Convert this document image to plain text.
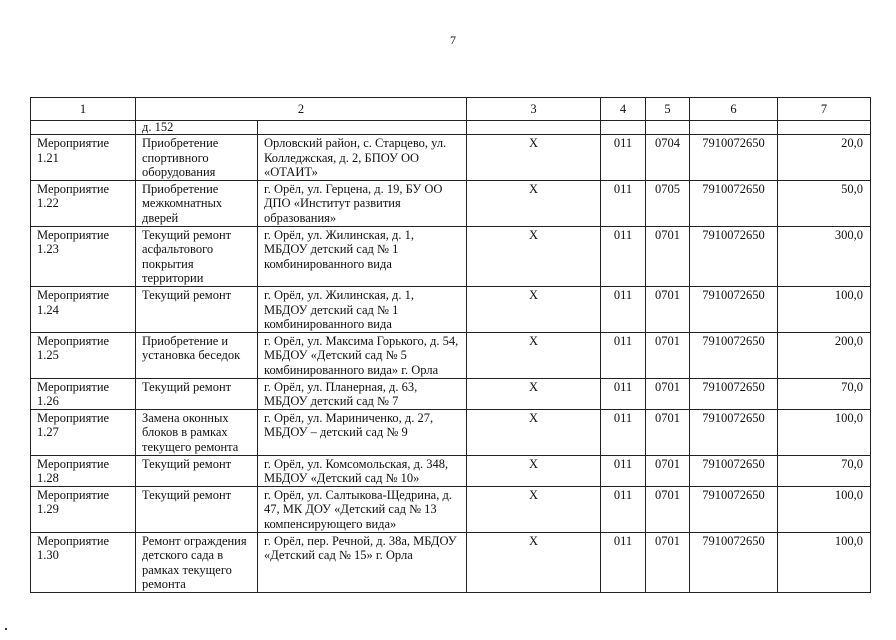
7
1	2		3	4	5	6	7
	д. 152						
Мероприятие 1.21	Приобретение спортивного оборудования	Орловский район, с. Старцево, ул. Колледжская, д. 2, БПОУ ОО «ОТАИТ»	X	011	0704	7910072650	20,0
Мероприятие 1.22	Приобретение межкомнатных дверей	г. Орёл, ул. Герцена, д. 19, БУ ОО ДПО «Институт развития образования»	X	011	0705	7910072650	50,0
Мероприятие 1.23	Текущий ремонт асфальтового покрытия территории	г. Орёл, ул. Жилинская, д. 1, МБДОУ детский сад № 1 комбинированного вида	X	011	0701	7910072650	300,0
Мероприятие 1.24	Текущий ремонт	г. Орёл, ул. Жилинская, д. 1, МБДОУ детский сад № 1 комбинированного вида	X	011	0701	7910072650	100,0
Мероприятие 1.25	Приобретение и установка беседок	г. Орёл, ул. Максима Горького, д. 54, МБДОУ «Детский сад № 5 комбинированного вида» г. Орла	X	011	0701	7910072650	200,0
Мероприятие 1.26	Текущий ремонт	г. Орёл, ул. Планерная, д. 63, МБДОУ детский сад № 7	X	011	0701	7910072650	70,0
Мероприятие 1.27	Замена оконных блоков в рамках текущего ремонта	г. Орёл, ул. Мариниченко, д. 27, МБДОУ – детский сад № 9	X	011	0701	7910072650	100,0
Мероприятие 1.28	Текущий ремонт	г. Орёл, ул. Комсомольская, д. 348, МБДОУ «Детский сад № 10»	X	011	0701	7910072650	70,0
Мероприятие 1.29	Текущий ремонт	г. Орёл, ул. Салтыкова-Щедрина, д. 47, МК ДОУ «Детский сад № 13 компенсирующего вида»	X	011	0701	7910072650	100,0
Мероприятие 1.30	Ремонт ограждения детского сада в рамках текущего ремонта	г. Орёл, пер. Речной, д. 38а, МБДОУ «Детский сад № 15» г. Орла	X	011	0701	7910072650	100,0
